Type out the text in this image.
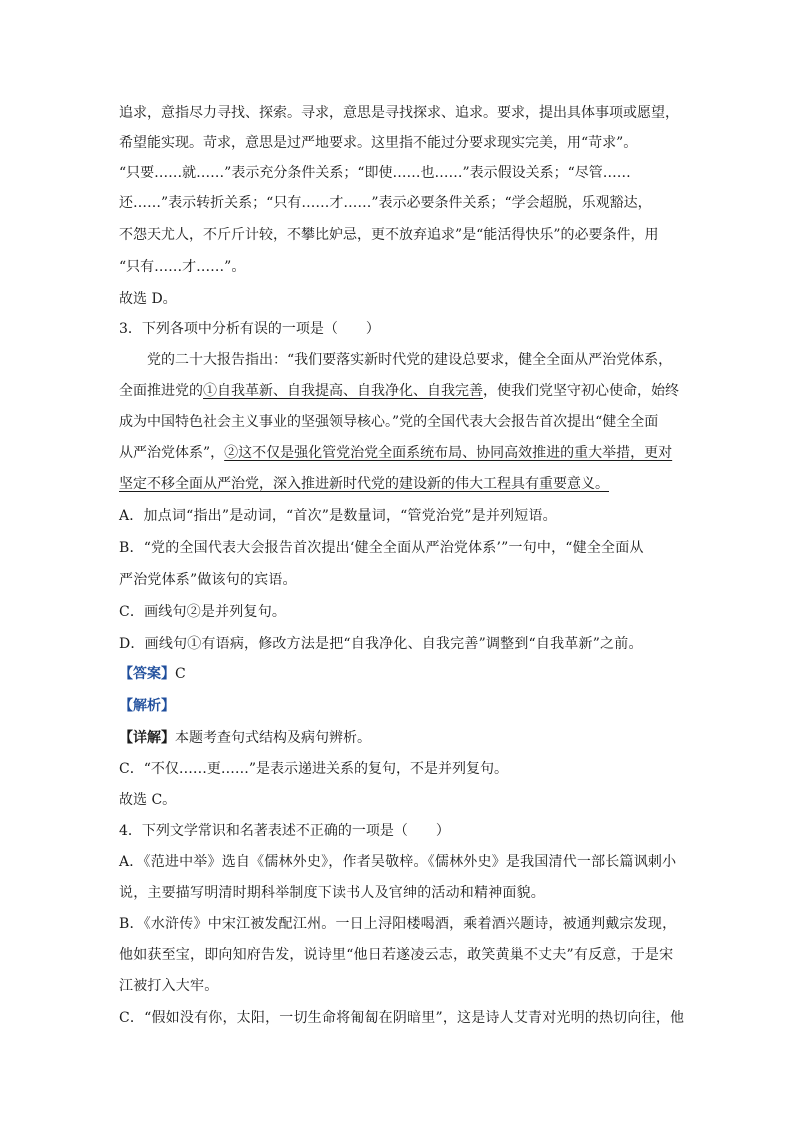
追求，意指尽力寻找、探索。寻求，意思是寻找探求、追求。要求，提出具体事项或愿望，
希望能实现。苛求，意思是过严地要求。这里指不能过分要求现实完美，用“苛求”。
“只要……就……”表示充分条件关系；“即使……也……”表示假设关系；“尽管……
还……”表示转折关系；“只有……才……”表示必要条件关系；“学会超脱，乐观豁达，
不怨天尤人，不斤斤计较，不攀比妒忌，更不放弃追求”是“能活得快乐”的必要条件，用
“只有……才……”。
故选 D。
3．下列各项中分析有误的一项是（　　）
党的二十大报告指出：“我们要落实新时代党的建设总要求，健全全面从严治党体系，
全面推进党的①自我革新、自我提高、自我净化、自我完善，使我们党坚守初心使命，始终
成为中国特色社会主义事业的坚强领导核心。”党的全国代表大会报告首次提出“健全全面
从严治党体系”，②这不仅是强化管党治党全面系统布局、协同高效推进的重大举措，更对
坚定不移全面从严治党，深入推进新时代党的建设新的伟大工程具有重要意义。
A．加点词“指出”是动词，“首次”是数量词，“管党治党”是并列短语。
B．“党的全国代表大会报告首次提出‘健全全面从严治党体系’”一句中，“健全全面从
严治党体系”做该句的宾语。
C．画线句②是并列复句。
D．画线句①有语病，修改方法是把“自我净化、自我完善”调整到“自我革新”之前。
【答案】C
【解析】
【详解】本题考查句式结构及病句辨析。
C．“不仅……更……”是表示递进关系的复句，不是并列复句。
故选 C。
4．下列文学常识和名著表述不正确的一项是（　　）
A．《范进中举》选自《儒林外史》，作者吴敬梓。《儒林外史》是我国清代一部长篇讽刺小
说，主要描写明清时期科举制度下读书人及官绅的活动和精神面貌。
B．《水浒传》中宋江被发配江州。一日上浔阳楼喝酒，乘着酒兴题诗，被通判戴宗发现，
他如获至宝，即向知府告发，说诗里“他日若遂凌云志，敢笑黄巢不丈夫”有反意，于是宋
江被打入大牢。
C．“假如没有你，太阳，一切生命将匍匐在阴暗里”，这是诗人艾青对光明的热切向往，他
